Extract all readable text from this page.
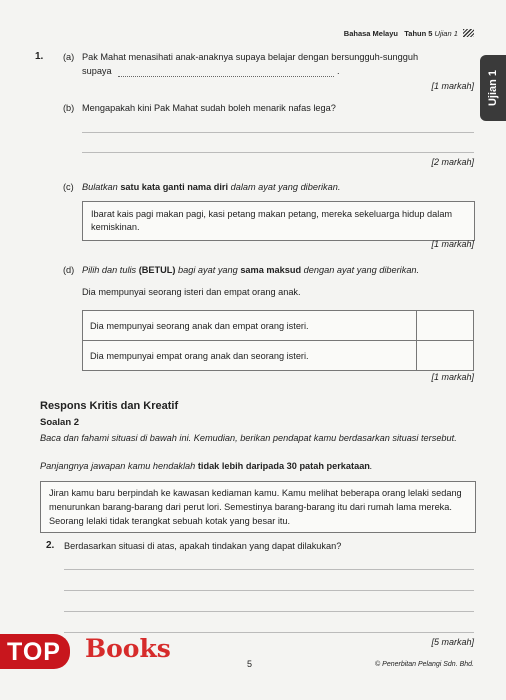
Bahasa Melayu Tahun 5 Ujian 1
Ujian 1
1. (a) Pak Mahat menasihati anak-anaknya supaya belajar dengan bersungguh-sungguh
supaya	.
[1 markah]
(b) Mengapakah kini Pak Mahat sudah boleh menarik nafas lega?
[2 markah]
(c) Bulatkan satu kata ganti nama diri dalam ayat yang diberikan.
Ibarat kais pagi makan pagi, kasi petang makan petang, mereka sekeluarga hidup dalam kemiskinan.
[1 markah]
(d) Pilih dan tulis (BETUL) bagi ayat yang sama maksud dengan ayat yang diberikan.
Dia mempunyai seorang isteri dan empat orang anak.
Dia mempunyai seorang anak dan empat orang isteri.	
Dia mempunyai empat orang anak dan seorang isteri.	
[1 markah]
Respons Kritis dan Kreatif
Soalan 2
Baca dan fahami situasi di bawah ini. Kemudian, berikan pendapat kamu berdasarkan situasi tersebut.
Panjangnya jawapan kamu hendaklah tidak lebih daripada 30 patah perkataan.
Jiran kamu baru berpindah ke kawasan kediaman kamu. Kamu melihat beberapa orang lelaki sedang menurunkan barang-barang dari perut lori. Semestinya barang-barang itu dari rumah lama mereka. Seorang lelaki tidak terangkat sebuah kotak yang besar itu.
2. Berdasarkan situasi di atas, apakah tindakan yang dapat dilakukan?
[5 markah]
TOP Books
5	© Penerbitan Pelangi Sdn. Bhd.
